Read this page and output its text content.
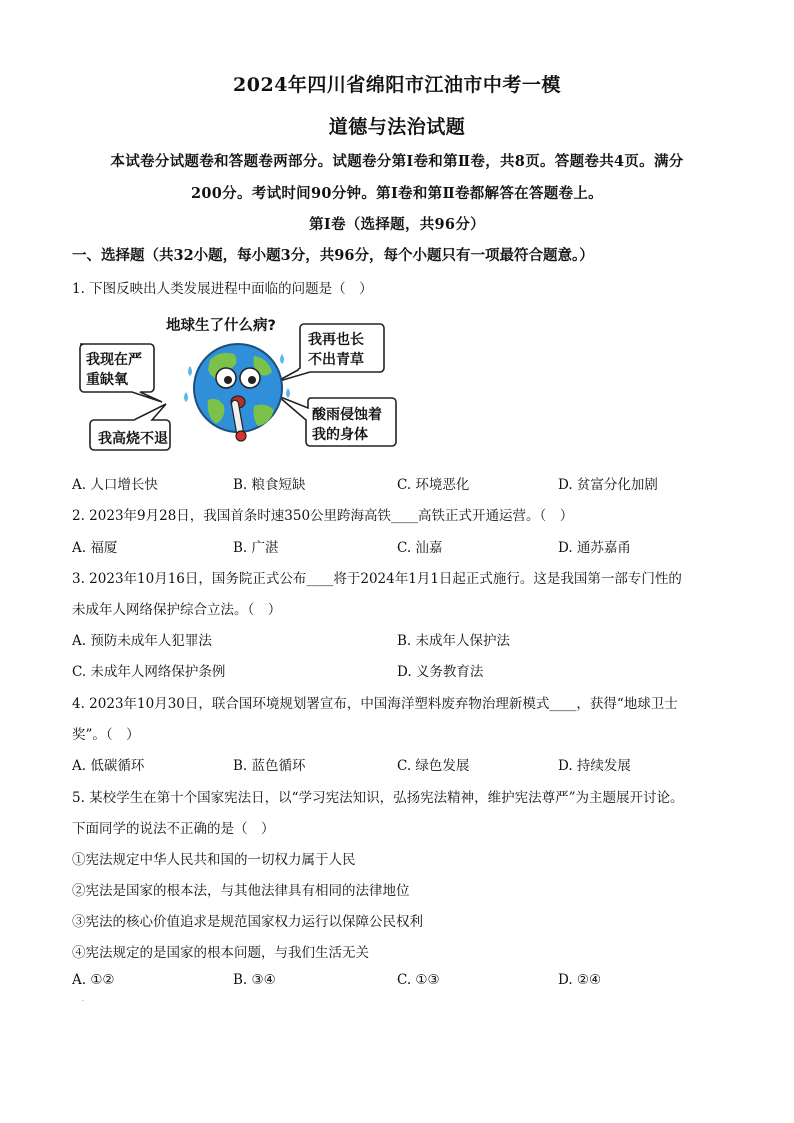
2024年四川省绵阳市江油市中考一模
道德与法治试题
本试卷分试题卷和答题卷两部分。试题卷分第Ⅰ卷和第Ⅱ卷，共8页。答题卷共4页。满分
200分。考试时间90分钟。第Ⅰ卷和第Ⅱ卷都解答在答题卷上。
第Ⅰ卷（选择题，共96分）
一、选择题（共32小题，每小题3分，共96分，每个小题只有一项最符合题意。）
1. 下图反映出人类发展进程中面临的问题是（　）
地球生了什么病?
我现在严
重缺氧
我高烧不退
我再也长
不出青草
酸雨侵蚀着
我的身体
A. 人口增长快	B. 粮食短缺	C. 环境恶化	D. 贫富分化加剧
2. 2023年9月28日，我国首条时速350公里跨海高铁____高铁正式开通运营。（　）
A. 福厦	B. 广湛	C. 汕嘉	D. 通苏嘉甬
3. 2023年10月16日，国务院正式公布____将于2024年1月1日起正式施行。这是我国第一部专门性的
未成年人网络保护综合立法。（　）
A. 预防未成年人犯罪法	B. 未成年人保护法
C. 未成年人网络保护条例	D. 义务教育法
4. 2023年10月30日，联合国环境规划署宣布，中国海洋塑料废弃物治理新模式____，获得“地球卫士
奖”。（　）
A. 低碳循环	B. 蓝色循环	C. 绿色发展	D. 持续发展
5. 某校学生在第十个国家宪法日，以“学习宪法知识，弘扬宪法精神，维护宪法尊严”为主题展开讨论。
下面同学的说法不正确的是（　）
①宪法规定中华人民共和国的一切权力属于人民
②宪法是国家的根本法，与其他法律具有相同的法律地位
③宪法的核心价值追求是规范国家权力运行以保障公民权利
④宪法规定的是国家的根本问题，与我们生活无关
A. ①②	B. ③④	C. ①③	D. ②④
.
